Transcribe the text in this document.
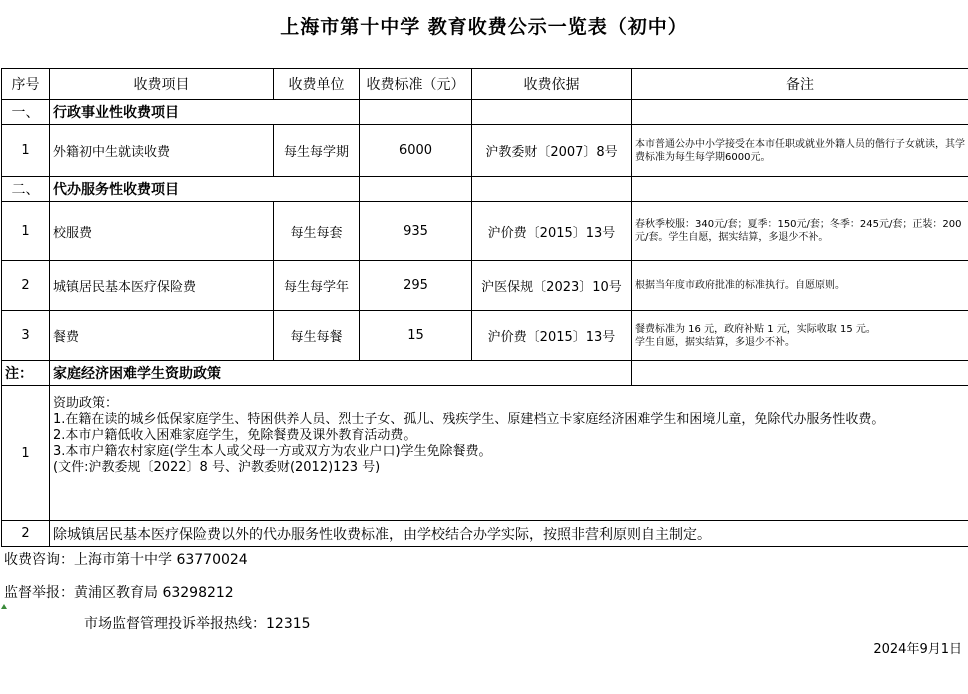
上海市第十中学 教育收费公示一览表（初中）
序号	收费项目	收费单位	收费标准（元）	收费依据	备注
一、	行政事业性收费项目				
1	外籍初中生就读收费	每生每学期	6000	沪教委财〔2007〕8号	本市普通公办中小学接受在本市任职或就业外籍人员的偕行子女就读，其学费标准为每生每学期6000元。
二、	代办服务性收费项目				
1	校服费	每生每套	935	沪价费〔2015〕13号	春秋季校服：340元/套；夏季：150元/套；冬季：245元/套；正装：200元/套。学生自愿，据实结算，多退少不补。
2	城镇居民基本医疗保险费	每生每学年	295	沪医保规〔2023〕10号	根据当年度市政府批准的标准执行。自愿原则。
3	餐费	每生每餐	15	沪价费〔2015〕13号	餐费标准为 16 元，政府补贴 1 元，实际收取 15 元。
学生自愿，据实结算，多退少不补。

注：	家庭经济困难学生资助政策				
1	资助政策：
1.在籍在读的城乡低保家庭学生、特困供养人员、烈士子女、孤儿、残疾学生、原建档立卡家庭经济困难学生和困境儿童，免除代办服务性收费。
2.本市户籍低收入困难家庭学生，免除餐费及课外教育活动费。
3.本市户籍农村家庭(学生本人或父母一方或双方为农业户口)学生免除餐费。
(文件:沪教委规〔2022〕8 号、沪教委财(2012)123 号)				

2	除城镇居民基本医疗保险费以外的代办服务性收费标准，由学校结合办学实际，按照非营利原则自主制定。				
收费咨询：上海市第十中学 63770024
监督举报：黄浦区教育局 63298212
市场监督管理投诉举报热线：12315
2024年9月1日
